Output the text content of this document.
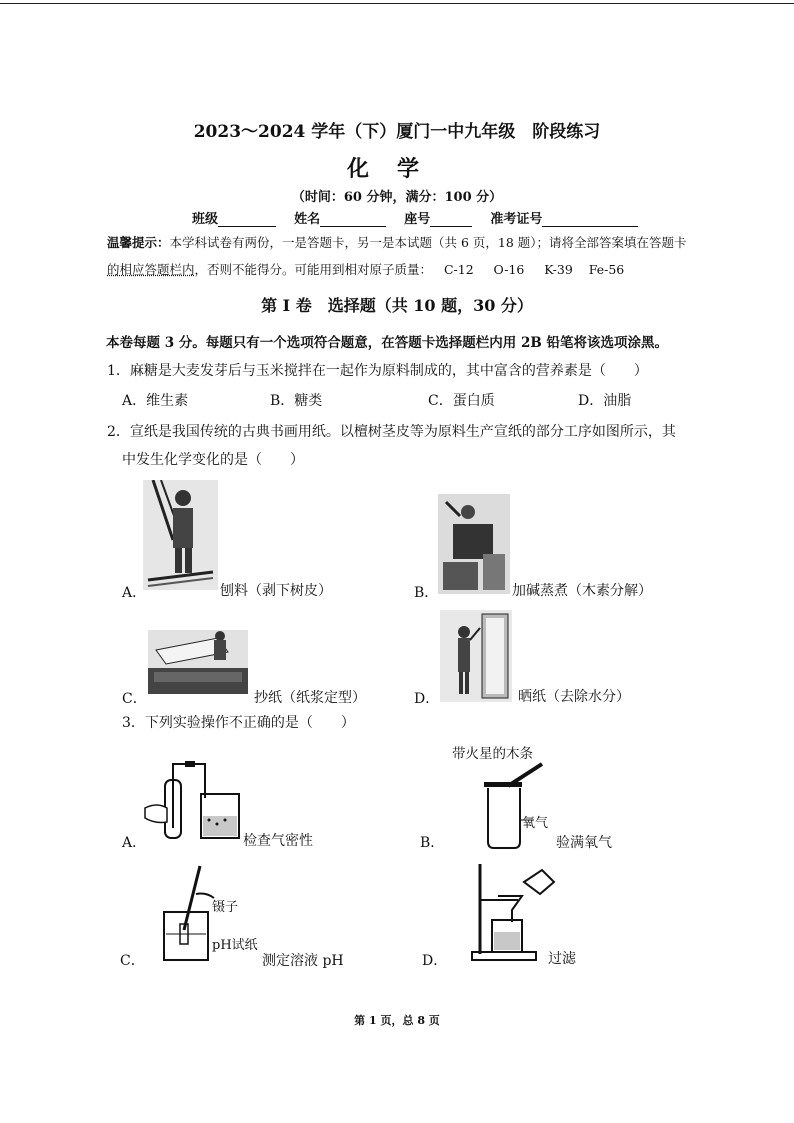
2023～2024 学年（下）厦门一中九年级　阶段练习
化学
（时间：60 分钟，满分：100 分）
班级	姓名	座号	准考证号
温馨提示：本学科试卷有两份，一是答题卡，另一是本试题（共 6 页，18 题）；请将全部答案填在答题卡
的相应答题栏内，否则不能得分。可能用到相对原子质量： C-12 O-16 K-39 Fe-56
第 I 卷　选择题（共 10 题，30 分）
本卷每题 3 分。每题只有一个选项符合题意，在答题卡选择题栏内用 2B 铅笔将该选项涂黑。
1．麻糖是大麦发芽后与玉米搅拌在一起作为原料制成的，其中富含的营养素是（　　）
A．维生素	B．糖类	C．蛋白质	D．油脂
2．宣纸是我国传统的古典书画用纸。以檀树茎皮等为原料生产宣纸的部分工序如图所示，其
中发生化学变化的是（　　）
A．	刨料（剥下树皮）	B．	加碱蒸煮（木素分解）
C．	抄纸（纸浆定型）	D．	晒纸（去除水分）
3．下列实验操作不正确的是（　　）
A．	检查气密性
带火星的木条
氧气
B．	验满氧气
镊子
pH试纸
C．	测定溶液 pH	D．	过滤
第 1 页，总 8 页
